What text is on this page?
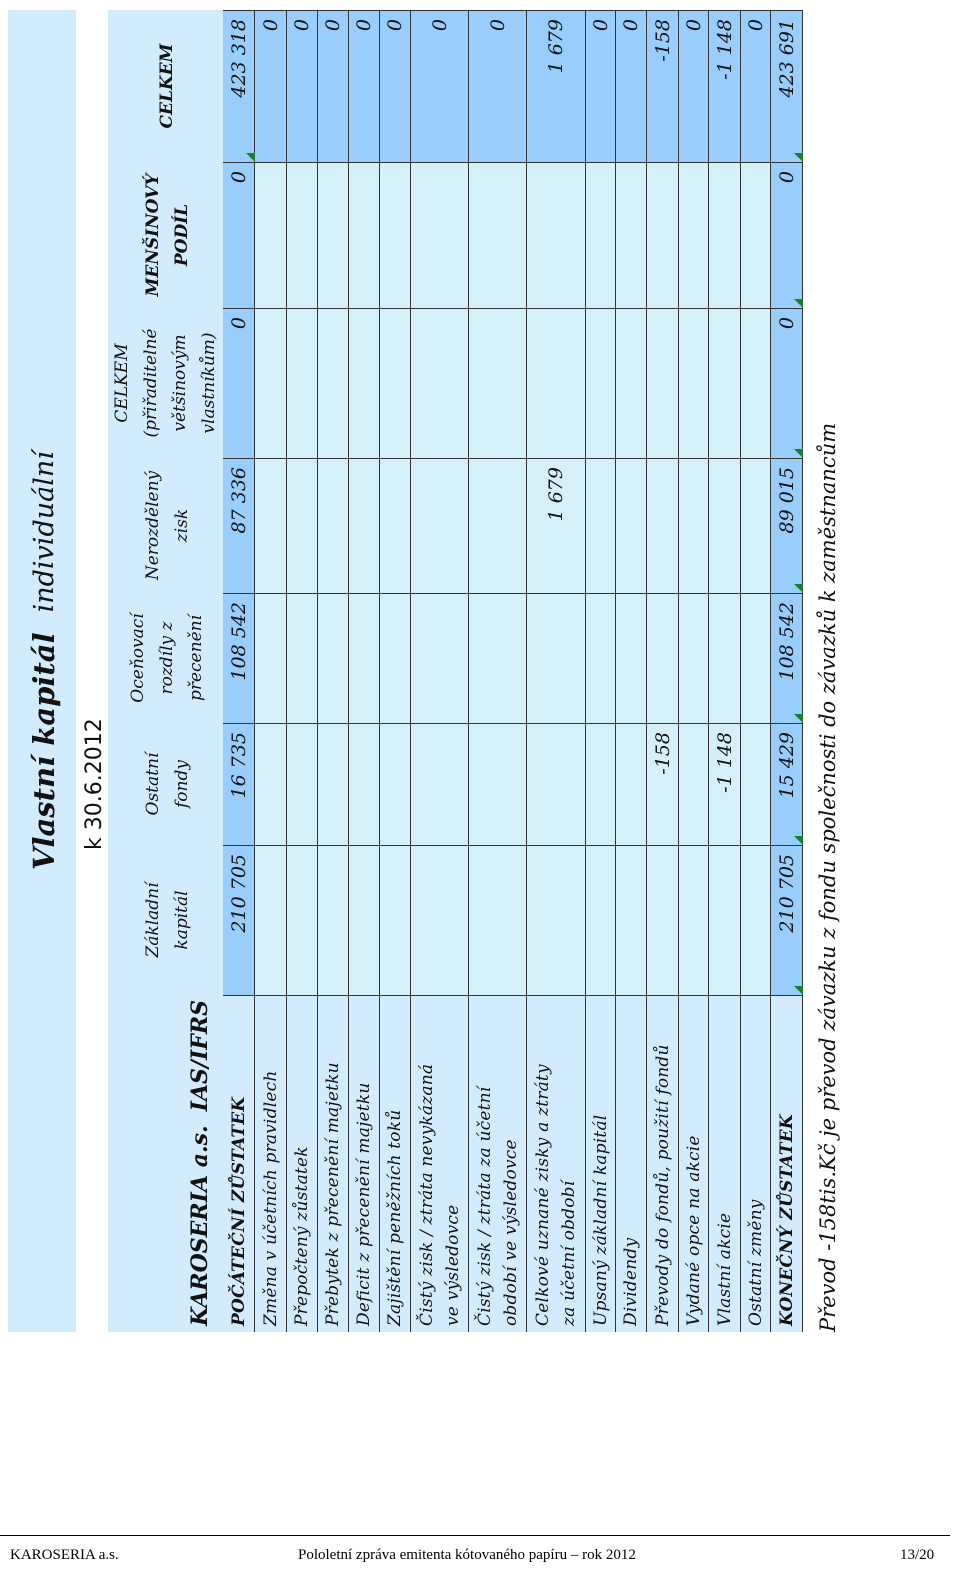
Vlastní kapitál
individuální
k 30.6.2012
KAROSERIA a.s.
IAS/IFRS
Základní kapitál
Ostatní fondy
Oceňovací rozdíly z přecenění
Nerozdělený zisk
CELKEM (přiřaditelné většinovým vlastníkům)
MENŠINOVÝ PODÍL
CELKEM
POČÁTEČNÍ ZŮSTATEK
210 705
16 735
108 542
87 336
0
0
423 318
Změna v účetních pravidlech
0
Přepočtený zůstatek
0
Přebytek z přecenění majetku
0
Deficit z přecenění majetku
0
Zajištění peněžních toků
0
Čistý zisk / ztráta nevykázaná ve výsledovce
0
Čistý zisk / ztráta za účetní období ve výsledovce
0
Celkové uznané zisky a ztráty za účetní období
1 679
1 679
Upsaný základní kapitál
0
Dividendy
0
Převody do fondů, použití fondů
-158
-158
Vydané opce na akcie
0
Vlastní akcie
-1 148
-1 148
Ostatní změny
0
KONEČNÝ ZŮSTATEK
210 705
15 429
108 542
89 015
0
0
423 691
Převod -158tis.Kč je převod závazku z fondu společnosti do závazků k zaměstnancům
KAROSERIA a.s.	Pololetní zpráva emitenta kótovaného papíru – rok 2012	13/20
